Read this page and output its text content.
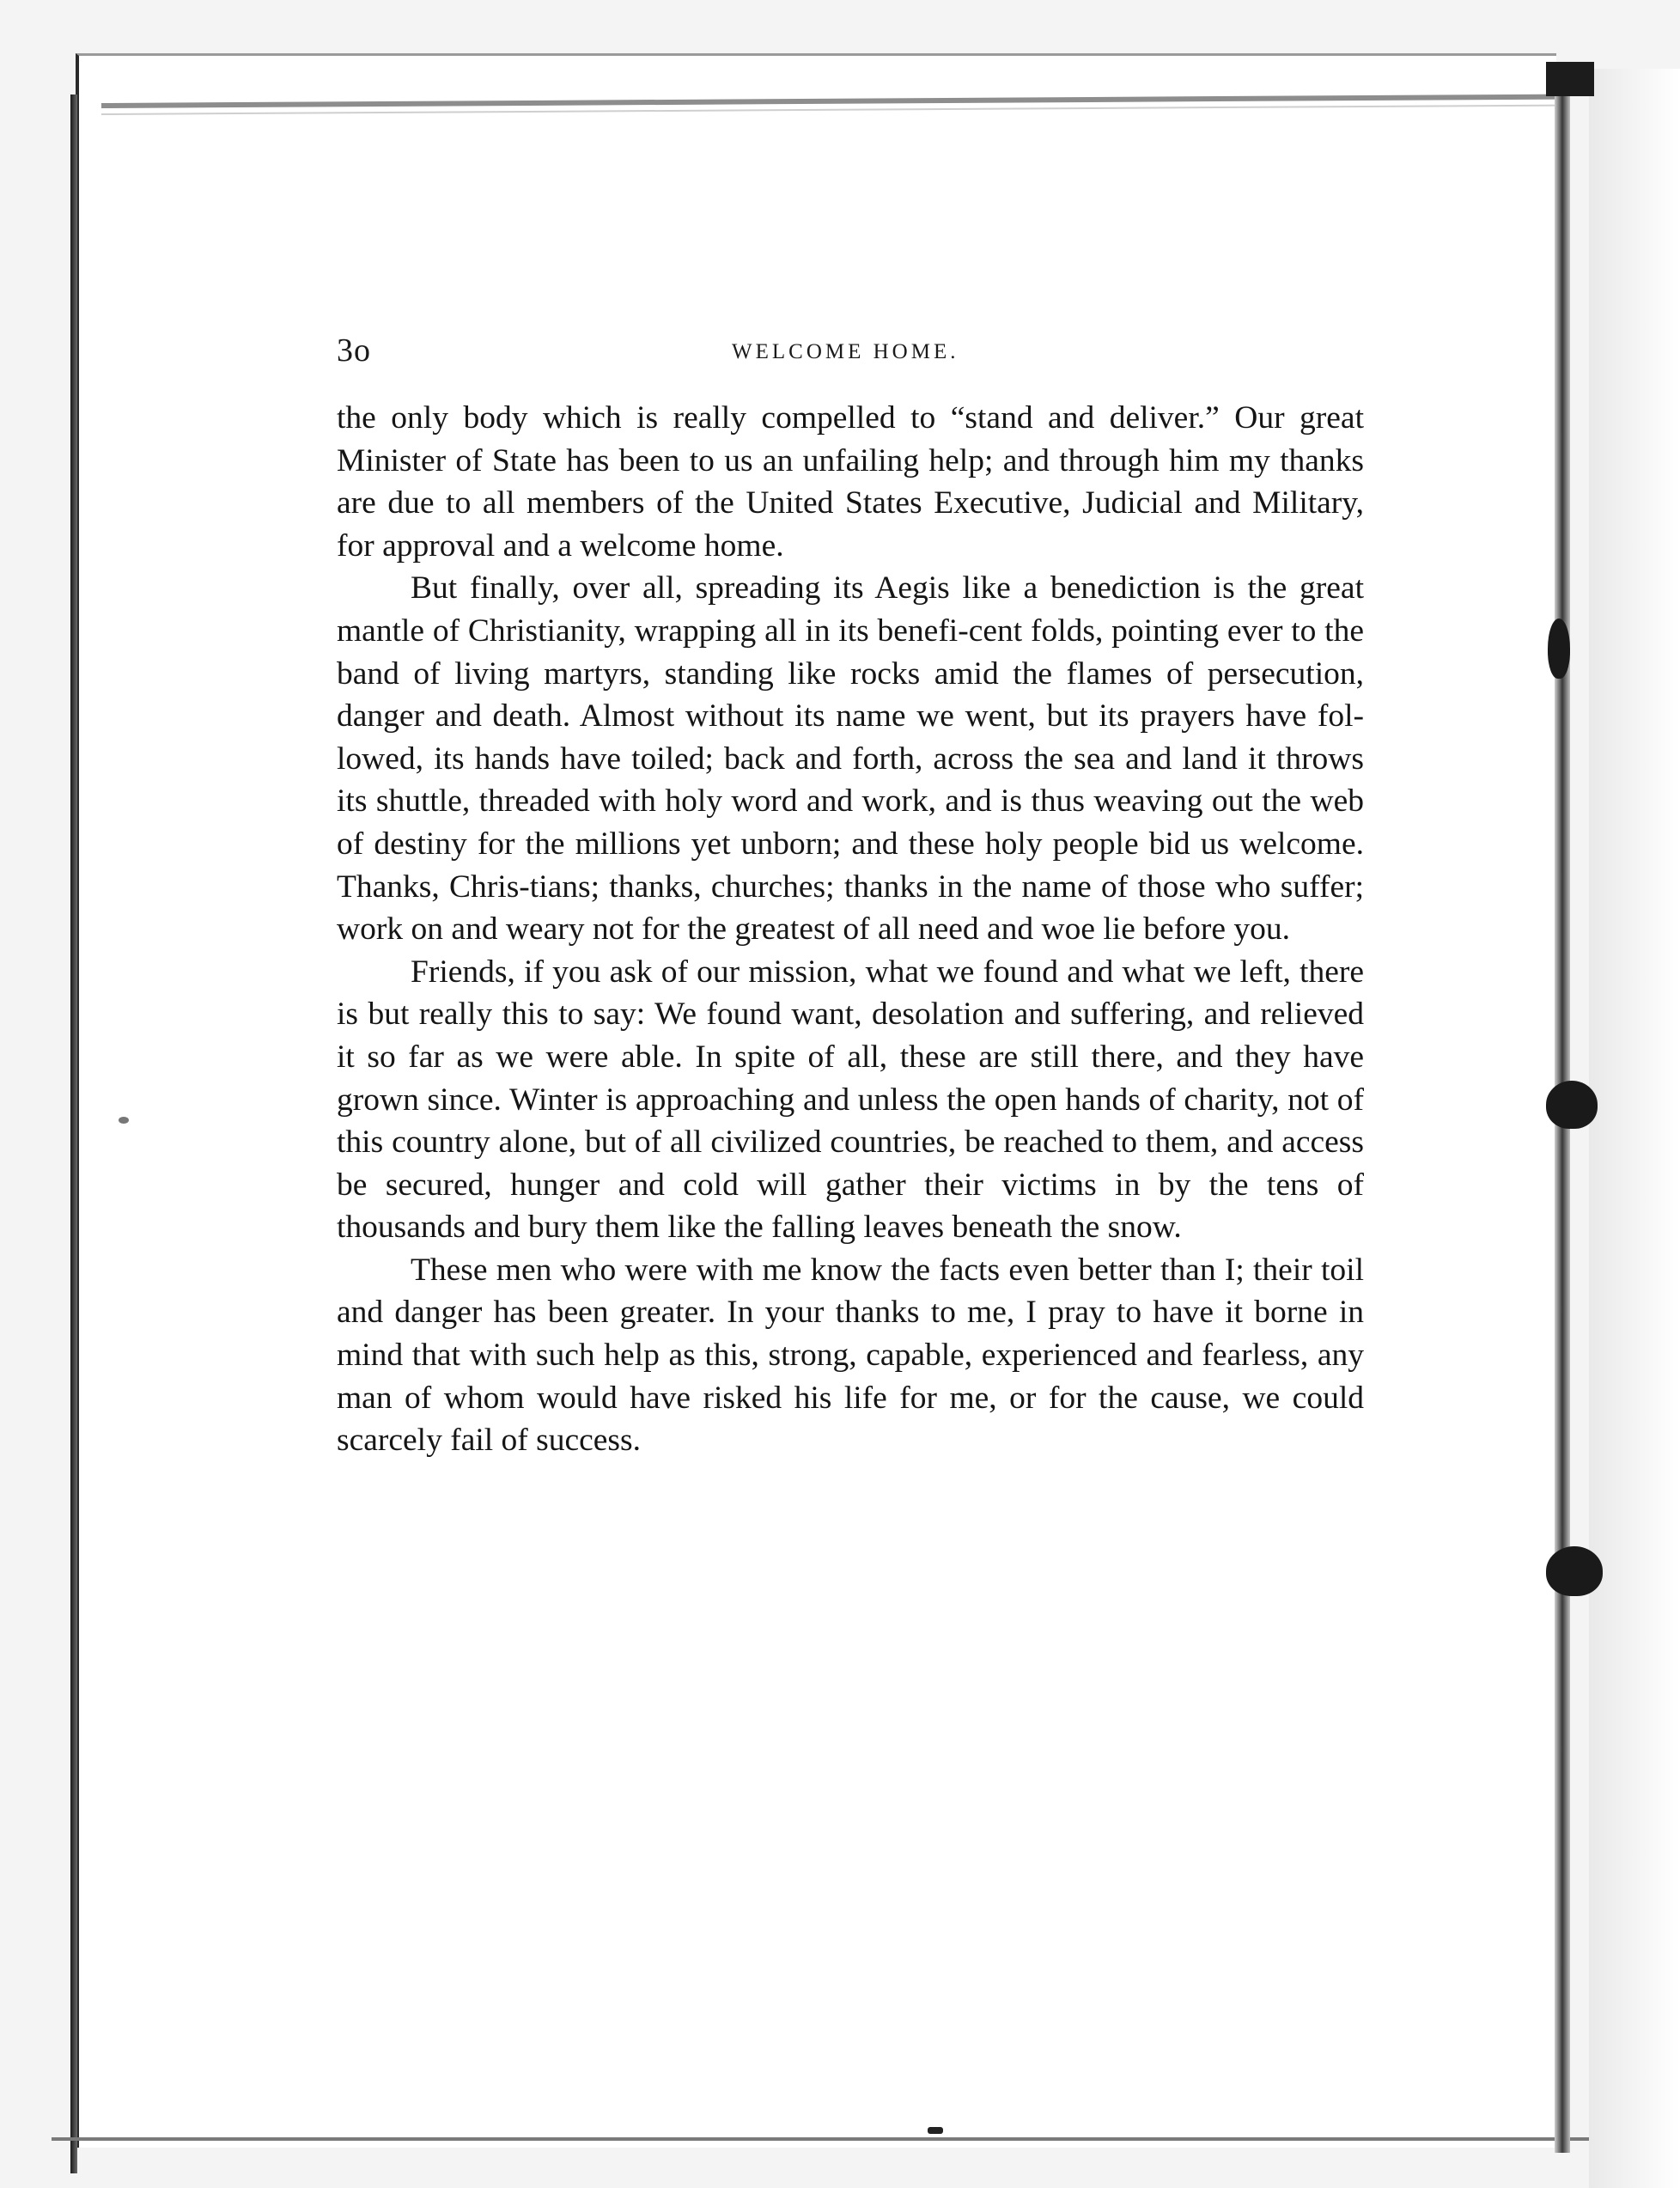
3o	WELCOME HOME.

the only body which is really compelled to “stand and deliver.” Our great Minister of State has been to us an unfailing help; and through him my thanks are due to all members of the United States Executive, Judicial and Military, for approval and a welcome home.

But finally, over all, spreading its Aegis like a benediction is the great mantle of Christianity, wrapping all in its benefi-cent folds, pointing ever to the band of living martyrs, standing like rocks amid the flames of persecution, danger and death. Almost without its name we went, but its prayers have fol-lowed, its hands have toiled; back and forth, across the sea and land it throws its shuttle, threaded with holy word and work, and is thus weaving out the web of destiny for the millions yet unborn; and these holy people bid us welcome. Thanks, Chris-tians; thanks, churches; thanks in the name of those who suffer; work on and weary not for the greatest of all need and woe lie before you.

Friends, if you ask of our mission, what we found and what we left, there is but really this to say: We found want, desolation and suffering, and relieved it so far as we were able. In spite of all, these are still there, and they have grown since. Winter is approaching and unless the open hands of charity, not of this country alone, but of all civilized countries, be reached to them, and access be secured, hunger and cold will gather their victims in by the tens of thousands and bury them like the falling leaves beneath the snow.

These men who were with me know the facts even better than I; their toil and danger has been greater. In your thanks to me, I pray to have it borne in mind that with such help as this, strong, capable, experienced and fearless, any man of whom would have risked his life for me, or for the cause, we could scarcely fail of success.
